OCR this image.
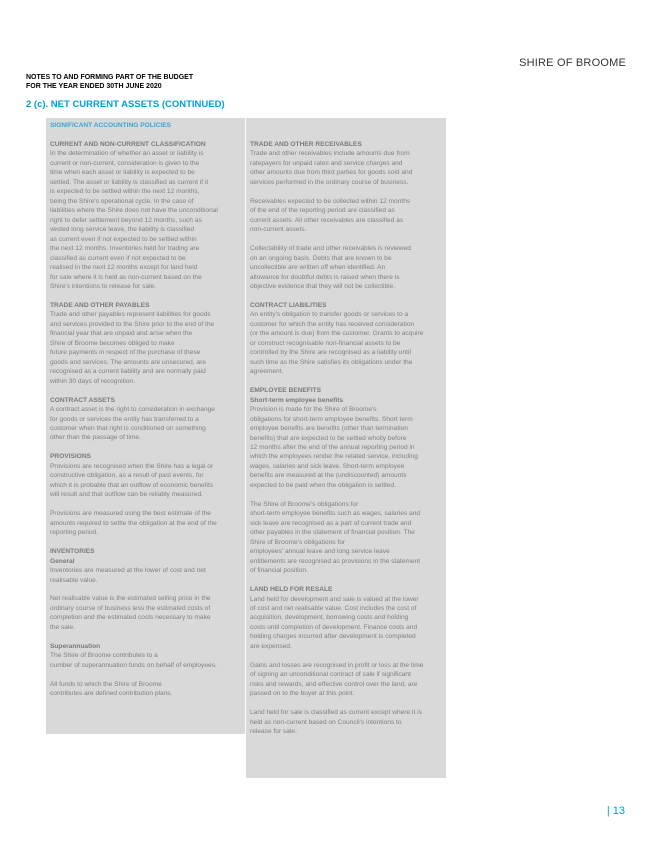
SHIRE OF BROOME
NOTES TO AND FORMING PART OF THE BUDGET
FOR THE YEAR ENDED 30TH JUNE 2020
2 (c). NET CURRENT ASSETS (CONTINUED)
SIGNIFICANT ACCOUNTING POLICIES
CURRENT AND NON-CURRENT CLASSIFICATION
In the determination of whether an asset or liability is
current or non-current, consideration is given to the
time when each asset or liability is expected to be
settled. The asset or liability is classified as current if it
is expected to be settled within the next 12 months,
being the Shire's operational cycle. In the case of
liabilities where the Shire does not have the unconditional
right to defer settlement beyond 12 months, such as
vested long service leave, the liability is classified
as current even if not expected to be settled within
the next 12 months. Inventories held for trading are
classified as current even if not expected to be
realised in the next 12 months except for land held
for sale where it is held as non-current based on the
Shire's intentions to release for sale.
TRADE AND OTHER PAYABLES
Trade and other payables represent liabilities for goods
and services provided to the Shire prior to the end of the
financial year that are unpaid and arise when the
Shire of Broome becomes obliged to make
future payments in respect of the purchase of these
goods and services. The amounts are unsecured, are
recognised as a current liability and are normally paid
within 30 days of recognition.
CONTRACT ASSETS
A contract asset is the right to consideration in exchange
for goods or services the entity has transferred to a
customer when that right is conditioned on something
other than the passage of time.
PROVISIONS
Provisions are recognised when the Shire has a legal or
constructive obligation, as a result of past events, for
which it is probable that an outflow of economic benefits
will result and that outflow can be reliably measured.
Provisions are measured using the best estimate of the
amounts required to settle the obligation at the end of the
reporting period.
INVENTORIES
General
Inventories are measured at the lower of cost and net
realisable value.
Net realisable value is the estimated selling price in the
ordinary course of business less the estimated costs of
completion and the estimated costs necessary to make
the sale.
Superannuation
The Shire of Broome contributes to a
number of superannuation funds on behalf of employees.
All funds to which the Shire of Broome
contributes are defined contribution plans.
TRADE AND OTHER RECEIVABLES
Trade and other receivables include amounts due from
ratepayers for unpaid rates and service charges and
other amounts due from third parties for goods sold and
services performed in the ordinary course of business.
Receivables expected to be collected within 12 months
of the end of the reporting period are classified as
current assets. All other receivables are classified as
non-current assets.
Collectability of trade and other receivables is reviewed
on an ongoing basis. Debts that are known to be
uncollectible are written off when identified. An
allowance for doubtful debts is raised when there is
objective evidence that they will not be collectible.
CONTRACT LIABILITIES
An entity's obligation to transfer goods or services to a
customer for which the entity has received consideration
(or the amount is due) from the customer. Grants to acquire
or construct recognisable non-financial assets to be
controlled by the Shire are recognised as a liability until
such time as the Shire satisfies its obligations under the
agreement.
EMPLOYEE BENEFITS
Short-term employee benefits
Provision is made for the Shire of Broome's
obligations for short-term employee benefits. Short term
employee benefits are benefits (other than termination
benefits) that are expected to be settled wholly before
12 months after the end of the annual reporting period in
which the employees render the related service, including
wages, salaries and sick leave. Short-term employee
benefits are measured at the (undiscounted) amounts
expected to be paid when the obligation is settled.
The Shire of Broome's obligations for
short-term employee benefits such as wages, salaries and
sick leave are recognised as a part of current trade and
other payables in the statement of financial position. The
Shire of Broome's obligations for
employees' annual leave and long service leave
entitlements are recognised as provisions in the statement
of financial position.
LAND HELD FOR RESALE
Land held for development and sale is valued at the lower
of cost and net realisable value. Cost includes the cost of
acquisition, development, borrowing costs and holding
costs until completion of development. Finance costs and
holding charges incurred after development is completed
are expensed.
Gains and losses are recognised in profit or loss at the time
of signing an unconditional contract of sale if significant
risks and rewards, and effective control over the land, are
passed on to the buyer at this point.
Land held for sale is classified as current except where it is
held as non-current based on Council's intentions to
release for sale.
| 13
